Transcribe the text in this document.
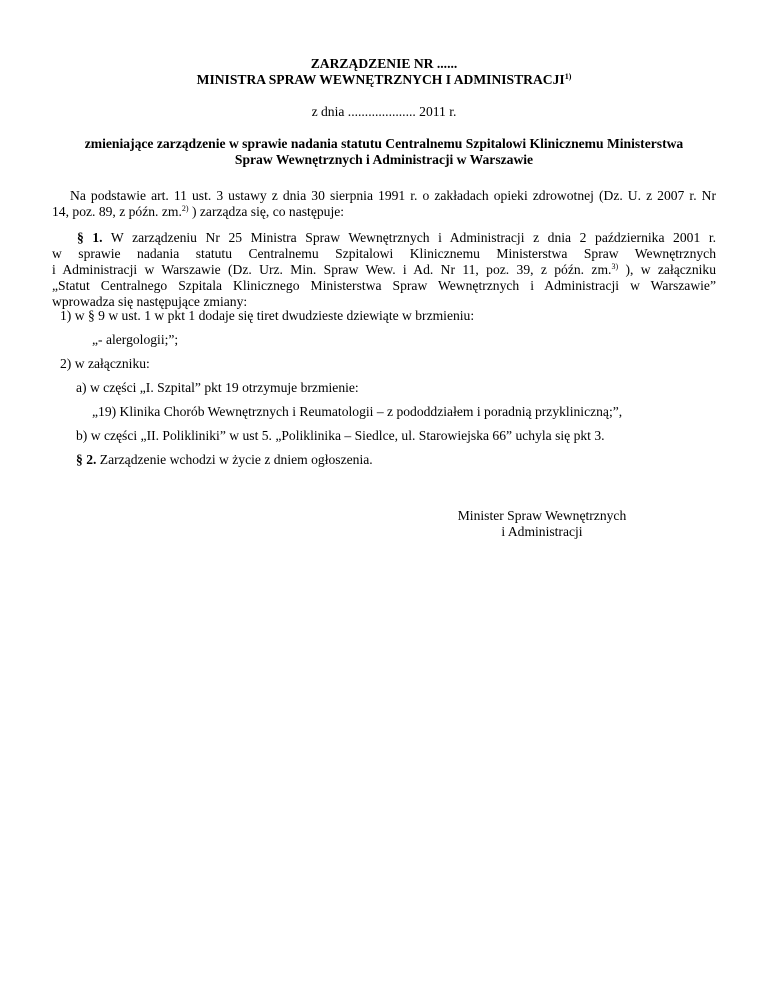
ZARZĄDZENIE NR ......
MINISTRA SPRAW WEWNĘTRZNYCH I ADMINISTRACJI$^{1)}$
z dnia .................... 2011 r.
zmieniające zarządzenie w sprawie nadania statutu Centralnemu Szpitalowi Klinicznemu Ministerstwa
Spraw Wewnętrznych i Administracji w Warszawie
Na podstawie art. 11 ust. 3 ustawy z dnia 30 sierpnia 1991 r. o zakładach opieki zdrowotnej (Dz. U. z 2007 r. Nr
14, poz. 89, z późn. zm.$^{2)}$ ) zarządza się, co następuje:
§ 1. W zarządzeniu Nr 25 Ministra Spraw Wewnętrznych i Administracji z dnia 2 października 2001 r.
w sprawie nadania statutu Centralnemu Szpitalowi Klinicznemu Ministerstwa Spraw Wewnętrznych
i Administracji w Warszawie (Dz. Urz. Min. Spraw Wew. i Ad. Nr 11, poz. 39, z późn. zm.$^{3)}$ ), w załączniku
„Statut Centralnego Szpitala Klinicznego Ministerstwa Spraw Wewnętrznych i Administracji w Warszawie”
wprowadza się następujące zmiany:
1) w § 9 w ust. 1 w pkt 1 dodaje się tiret dwudzieste dziewiąte w brzmieniu:
„- alergologii;”;
2) w załączniku:
a) w części „I. Szpital” pkt 19 otrzymuje brzmienie:
„19) Klinika Chorób Wewnętrznych i Reumatologii – z pododdziałem i poradnią przykliniczną;”,
b) w części „II. Polikliniki” w ust 5. „Poliklinika – Siedlce, ul. Starowiejska 66” uchyla się pkt 3.
§ 2. Zarządzenie wchodzi w życie z dniem ogłoszenia.
Minister Spraw Wewnętrznych
i Administracji
